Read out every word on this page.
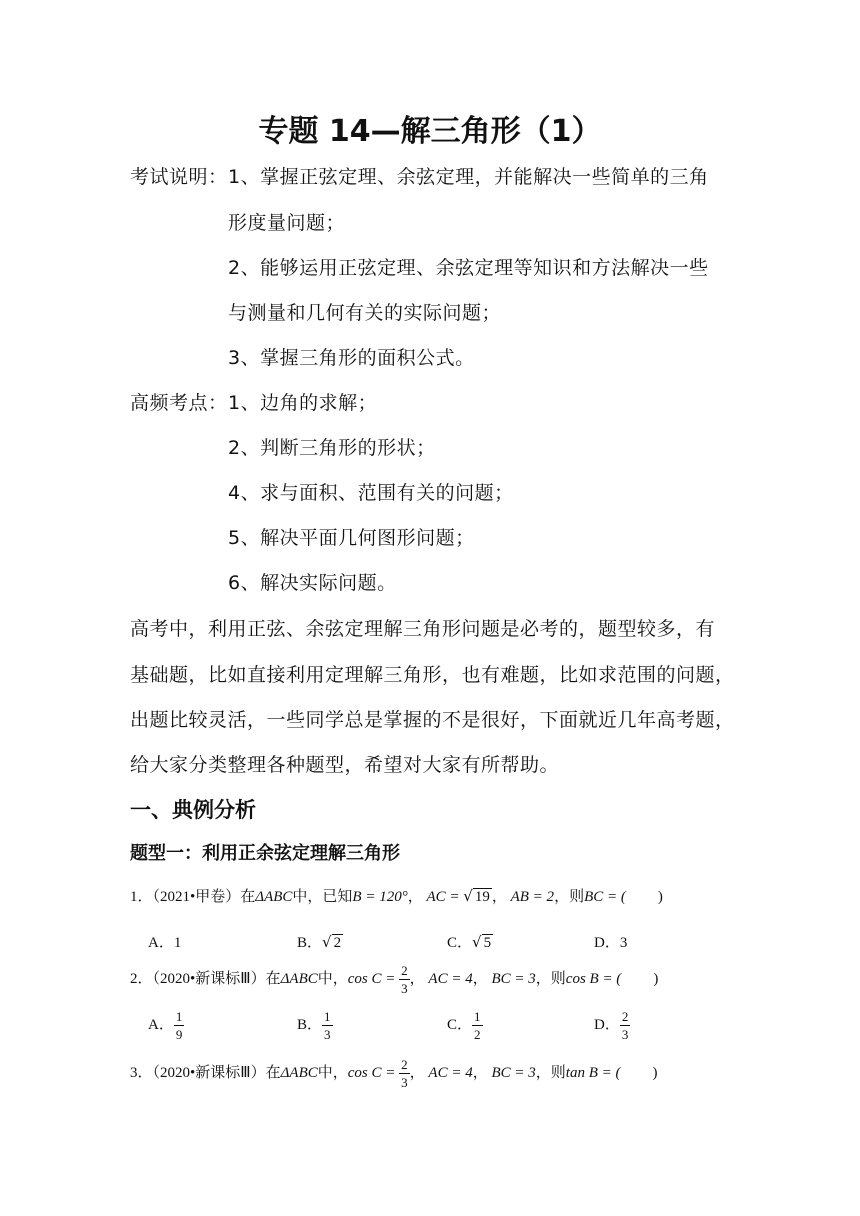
专题 14—解三角形（1）
考试说明： 1、掌握正弦定理、余弦定理，并能解决一些简单的三角
形度量问题；
2、能够运用正弦定理、余弦定理等知识和方法解决一些
与测量和几何有关的实际问题；
3、掌握三角形的面积公式。
高频考点： 1、边角的求解；
2、判断三角形的形状；
4、求与面积、范围有关的问题；
5、解决平面几何图形问题；
6、解决实际问题。
高考中，利用正弦、余弦定理解三角形问题是必考的，题型较多，有
基础题，比如直接利用定理解三角形，也有难题，比如求范围的问题，
出题比较灵活，一些同学总是掌握的不是很好，下面就近几年高考题，
给大家分类整理各种题型，希望对大家有所帮助。
一、典例分析
题型一：利用正余弦定理解三角形
1．（2021•甲卷）在ΔABC中，已知B = 120°， AC = √ 19 ， AB = 2，则BC = ( )
A．1	B．√ 2	C．√ 5	D．3
2．（2020•新课标Ⅲ）在ΔABC中，$\cos C = \frac{2}{3}$ ， AC = 4， BC = 3，则cos B = ( )
A． $\frac{1}{9}$	B． $\frac{1}{3}$	C． $\frac{1}{2}$	D． $\frac{2}{3}$
3．（2020•新课标Ⅲ）在ΔABC中，$\cos C = \frac{2}{3}$ ， AC = 4， BC = 3，则tan B = ( )
